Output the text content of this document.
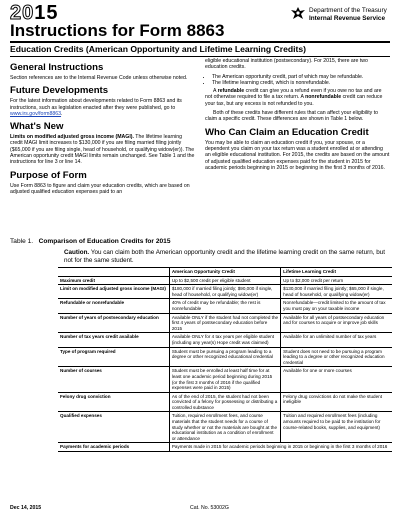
2015	Department of the Treasury
Internal Revenue Service
Instructions for Form 8863
Education Credits (American Opportunity and Lifetime Learning Credits)
General Instructions

Section references are to the Internal Revenue Code unless otherwise noted.

Future Developments

For the latest information about developments related to Form 8863 and its instructions, such as legislation enacted after they were published, go to www.irs.gov/form8863.

What's New

Limits on modified adjusted gross income (MAGI). The lifetime learning credit MAGI limit increases to $130,000 if you are filing married filing jointly ($65,000 if you are filing single, head of household, or qualifying widow(er)). The American opportunity credit MAGI limits remain unchanged. See Table 1 and the instructions for line 3 or line 14.

Purpose of Form

Use Form 8863 to figure and claim your education credits, which are based on adjusted qualified education expenses paid to an

eligible educational institution (postsecondary). For 2015, there are two education credits.

• The American opportunity credit, part of which may be refundable.
• The lifetime learning credit, which is nonrefundable.

A refundable credit can give you a refund even if you owe no tax and are not otherwise required to file a tax return. A nonrefundable credit can reduce your tax, but any excess is not refunded to you.

Both of these credits have different rules that can affect your eligibility to claim a specific credit. These differences are shown in Table 1 below.

Who Can Claim an Education Credit

You may be able to claim an education credit if you, your spouse, or a dependent you claim on your tax return was a student enrolled at or attending an eligible educational institution. For 2015, the credits are based on the amount of adjusted qualified education expenses paid for the student in 2015 for academic periods beginning in 2015 or beginning in the first 3 months of 2016.

Table 1. Comparison of Education Credits for 2015
Caution. You can claim both the American opportunity credit and the lifetime learning credit on the same return, but not for the same student.
	American Opportunity Credit	Lifetime Learning Credit
Maximum credit	Up to $2,500 credit per eligible student	Up to $2,000 credit per return
Limit on modified adjusted gross income (MAGI)	$180,000 if married filing jointly; $90,000 if single, head of household, or qualifying widow(er)	$130,000 if married filing jointly; $65,000 if single, head of household, or qualifying widow(er)
Refundable or nonrefundable	40% of credit may be refundable; the rest is nonrefundable	Nonrefundable—credit limited to the amount of tax you must pay on your taxable income
Number of years of postsecondary education	Available ONLY if the student had not completed the first 4 years of postsecondary education before 2015	Available for all years of postsecondary education and for courses to acquire or improve job skills
Number of tax years credit available	Available ONLY for 4 tax years per eligible student (including any year(s) Hope credit was claimed)	Available for an unlimited number of tax years
Type of program required	Student must be pursuing a program leading to a degree or other recognized educational credential	Student does not need to be pursuing a program leading to a degree or other recognized education credential
Number of courses	Student must be enrolled at least half time for at least one academic period beginning during 2015 (or the first 3 months of 2016 if the qualified expenses were paid in 2015)	Available for one or more courses
Felony drug conviction	As of the end of 2015, the student had not been convicted of a felony for possessing or distributing a controlled substance	Felony drug convictions do not make the student ineligible
Qualified expenses	Tuition, required enrollment fees, and course materials that the student needs for a course of study whether or not the materials are bought at the educational institution as a condition of enrollment or attendance	Tuition and required enrollment fees (including amounts required to be paid to the institution for course-related books, supplies, and equipment)
Payments for academic periods	Payments made in 2015 for academic periods beginning in 2015 or beginning in the first 3 months of 2016	
Dec 14, 2015	Cat. No. 53002G
